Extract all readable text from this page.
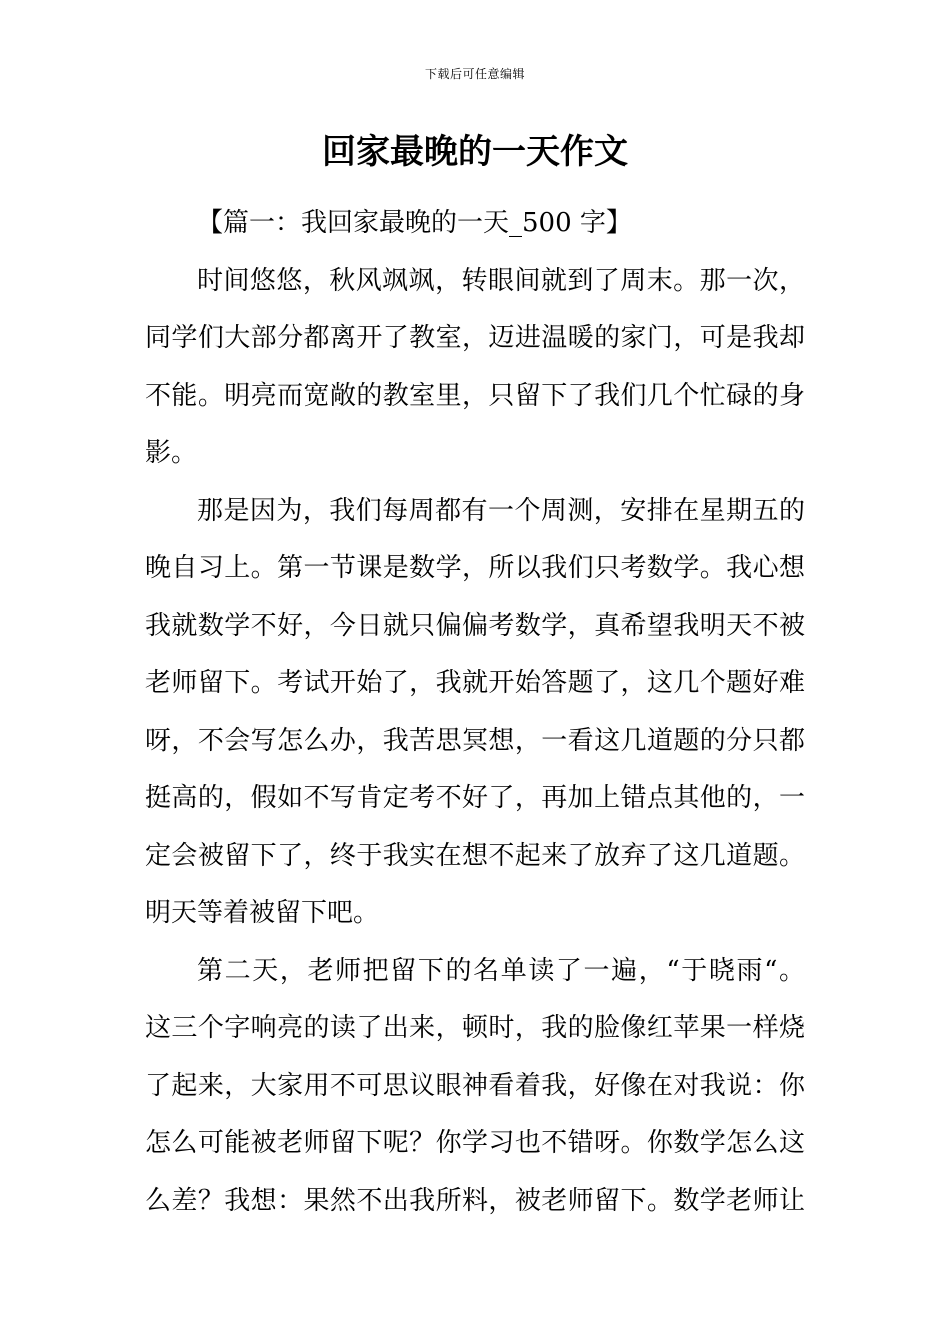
下载后可任意编辑
回家最晚的一天作文

【篇一：我回家最晚的一天_500 字】

时间悠悠，秋风飒飒，转眼间就到了周末。那一次，
同学们大部分都离开了教室，迈进温暖的家门，可是我却
不能。明亮而宽敞的教室里，只留下了我们几个忙碌的身
影。

那是因为，我们每周都有一个周测，安排在星期五的
晚自习上。第一节课是数学，所以我们只考数学。我心想
我就数学不好，今日就只偏偏考数学，真希望我明天不被
老师留下。考试开始了，我就开始答题了，这几个题好难
呀，不会写怎么办，我苦思冥想，一看这几道题的分只都
挺高的，假如不写肯定考不好了，再加上错点其他的，一
定会被留下了，终于我实在想不起来了放弃了这几道题。
明天等着被留下吧。

第二天，老师把留下的名单读了一遍，“于晓雨“。
这三个字响亮的读了出来，顿时，我的脸像红苹果一样烧
了起来，大家用不可思议眼神看着我，好像在对我说：你
怎么可能被老师留下呢？你学习也不错呀。你数学怎么这
么差？我想：果然不出我所料，被老师留下。数学老师让
